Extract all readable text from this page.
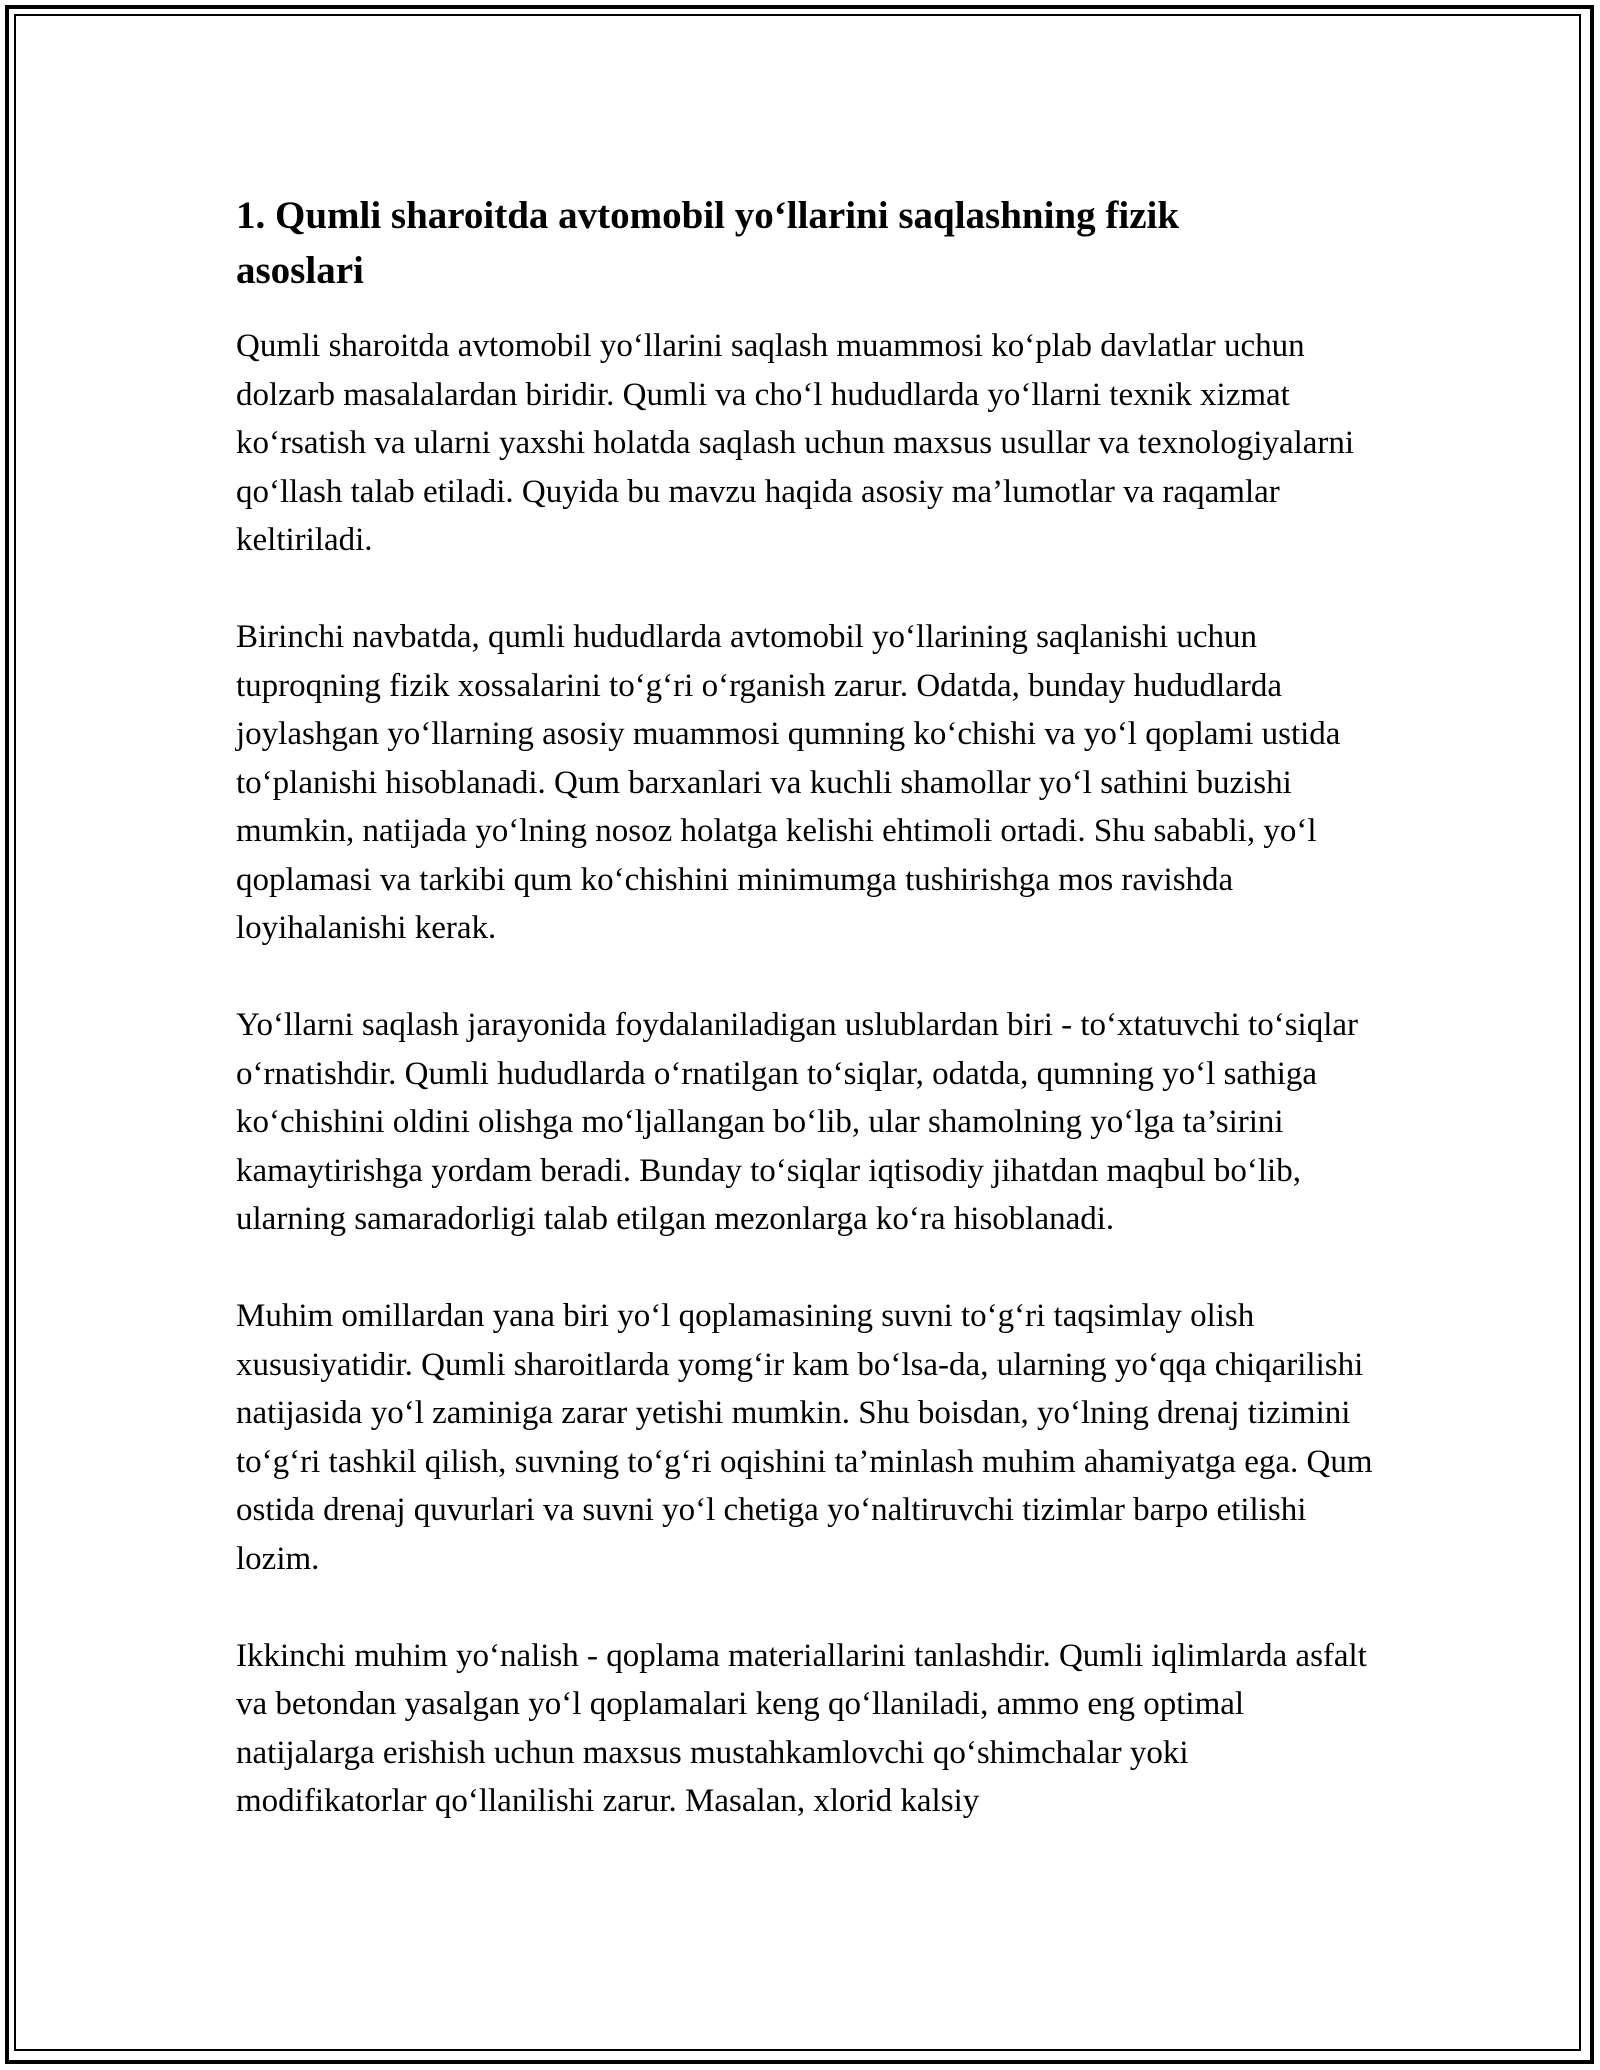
1. Qumli sharoitda avtomobil yo‘llarini saqlashning fizik asoslari

Qumli sharoitda avtomobil yo‘llarini saqlash muammosi ko‘plab davlatlar uchun dolzarb masalalardan biridir. Qumli va cho‘l hududlarda yo‘llarni texnik xizmat ko‘rsatish va ularni yaxshi holatda saqlash uchun maxsus usullar va texnologiyalarni qo‘llash talab etiladi. Quyida bu mavzu haqida asosiy ma’lumotlar va raqamlar keltiriladi.

Birinchi navbatda, qumli hududlarda avtomobil yo‘llarining saqlanishi uchun tuproqning fizik xossalarini to‘g‘ri o‘rganish zarur. Odatda, bunday hududlarda joylashgan yo‘llarning asosiy muammosi qumning ko‘chishi va yo‘l qoplami ustida to‘planishi hisoblanadi. Qum barxanlari va kuchli shamollar yo‘l sathini buzishi mumkin, natijada yo‘lning nosoz holatga kelishi ehtimoli ortadi. Shu sababli, yo‘l qoplamasi va tarkibi qum ko‘chishini minimumga tushirishga mos ravishda loyihalanishi kerak.

Yo‘llarni saqlash jarayonida foydalaniladigan uslublardan biri - to‘xtatuvchi to‘siqlar o‘rnatishdir. Qumli hududlarda o‘rnatilgan to‘siqlar, odatda, qumning yo‘l sathiga ko‘chishini oldini olishga mo‘ljallangan bo‘lib, ular shamolning yo‘lga ta’sirini kamaytirishga yordam beradi. Bunday to‘siqlar iqtisodiy jihatdan maqbul bo‘lib, ularning samaradorligi talab etilgan mezonlarga ko‘ra hisoblanadi.

Muhim omillardan yana biri yo‘l qoplamasining suvni to‘g‘ri taqsimlay olish xususiyatidir. Qumli sharoitlarda yomg‘ir kam bo‘lsa-da, ularning yo‘qqa chiqarilishi natijasida yo‘l zaminiga zarar yetishi mumkin. Shu boisdan, yo‘lning drenaj tizimini to‘g‘ri tashkil qilish, suvning to‘g‘ri oqishini ta’minlash muhim ahamiyatga ega. Qum ostida drenaj quvurlari va suvni yo‘l chetiga yo‘naltiruvchi tizimlar barpo etilishi lozim.

Ikkinchi muhim yo‘nalish - qoplama materiallarini tanlashdir. Qumli iqlimlarda asfalt va betondan yasalgan yo‘l qoplamalari keng qo‘llaniladi, ammo eng optimal natijalarga erishish uchun maxsus mustahkamlovchi qo‘shimchalar yoki modifikatorlar qo‘llanilishi zarur. Masalan, xlorid kalsiy
